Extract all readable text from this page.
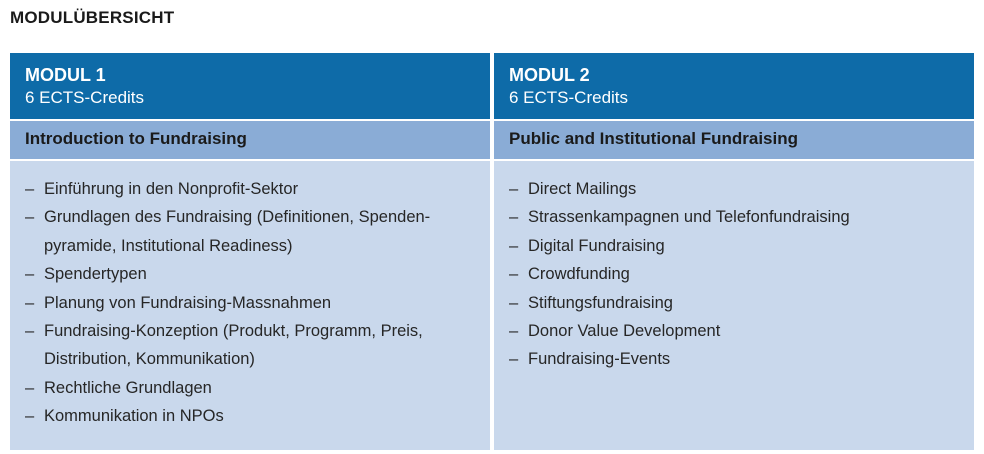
MODULÜBERSICHT
MODUL 1
6 ECTS-Credits
Introduction to Fundraising
– Einführung in den Nonprofit-Sektor
– Grundlagen des Fundraising (Definitionen, Spenden-
pyramide, Institutional Readiness)
– Spendertypen
– Planung von Fundraising-Massnahmen
– Fundraising-Konzeption (Produkt, Programm, Preis,
Distribution, Kommunikation)
– Rechtliche Grundlagen
– Kommunikation in NPOs
MODUL 2
6 ECTS-Credits
Public and Institutional Fundraising
– Direct Mailings
– Strassenkampagnen und Telefonfundraising
– Digital Fundraising
– Crowdfunding
– Stiftungsfundraising
– Donor Value Development
– Fundraising-Events
